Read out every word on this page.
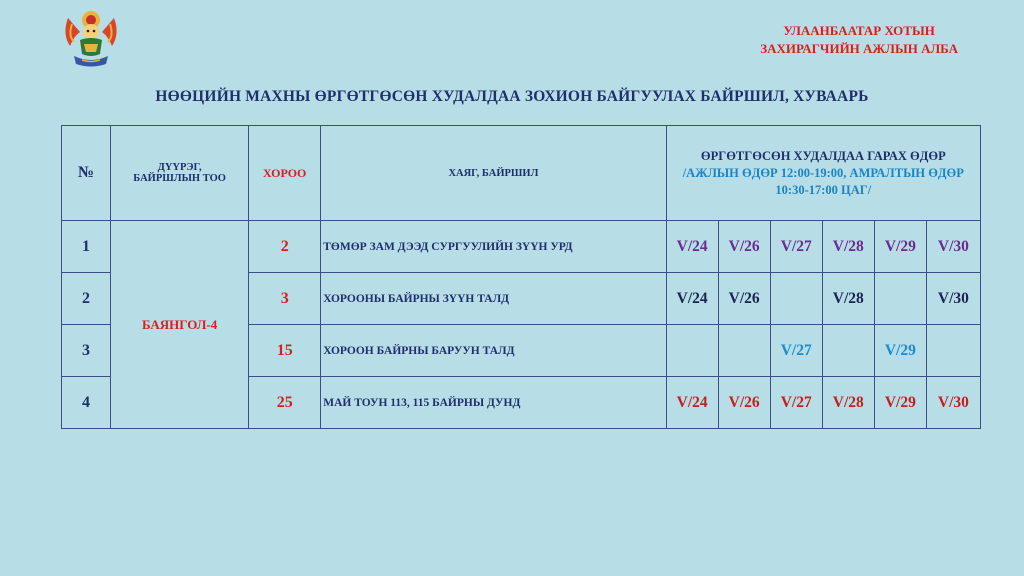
УЛААНБААТАР ХОТЫН
ЗАХИРАГЧИЙН АЖЛЫН АЛБА
НӨӨЦИЙН МАХНЫ ӨРГӨТГӨСӨН ХУДАЛДАА ЗОХИОН БАЙГУУЛАХ БАЙРШИЛ, ХУВААРЬ
№	ДҮҮРЭГ,
БАЙРШЛЫН ТОО	ХОРОО	ХАЯГ, БАЙРШИЛ	ӨРГӨТГӨСӨН ХУДАЛДАА ГАРАХ ӨДӨР
/АЖЛЫН ӨДӨР 12:00-19:00, АМРАЛТЫН ӨДӨР 10:30-17:00 ЦАГ/					

1	БАЯНГОЛ-4	2	ТӨМӨР ЗАМ ДЭЭД СУРГУУЛИЙН ЗҮҮН УРД	V/24	V/26	V/27	V/28	V/29	V/30
2		3	ХОРООНЫ БАЙРНЫ ЗҮҮН ТАЛД	V/24	V/26		V/28		V/30
3		15	ХОРООН БАЙРНЫ БАРУУН ТАЛД			V/27		V/29	
4		25	МАЙ ТОУН 113, 115 БАЙРНЫ ДУНД	V/24	V/26	V/27	V/28	V/29	V/30
